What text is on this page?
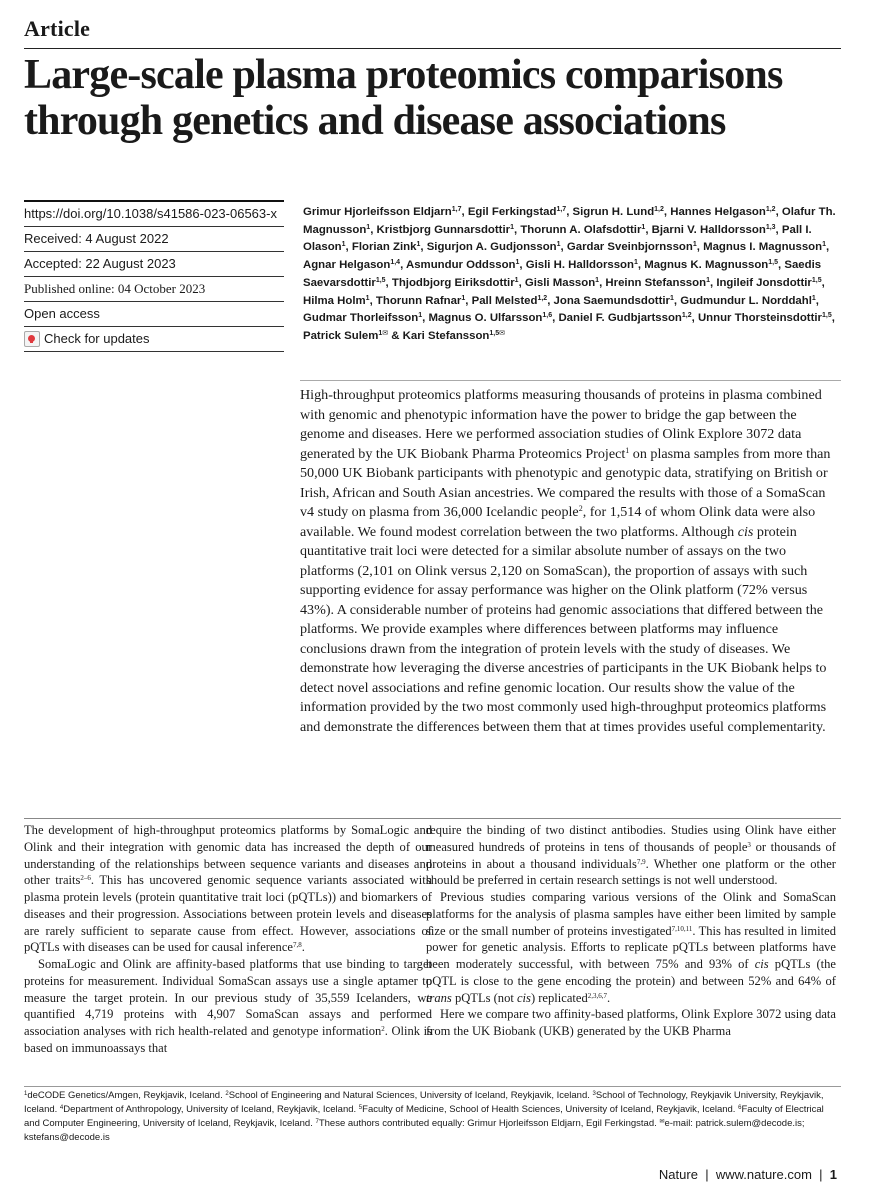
Article
Large-scale plasma proteomics comparisons through genetics and disease associations
https://doi.org/10.1038/s41586-023-06563-x
Received: 4 August 2022
Accepted: 22 August 2023
Published online: 04 October 2023
Open access
Check for updates

Grimur Hjorleifsson Eldjarn$^{1,7}$, Egil Ferkingstad$^{1,7}$, Sigrun H. Lund$^{1,2}$, Hannes Helgason$^{1,2}$, Olafur Th. Magnusson$^1$, Kristbjorg Gunnarsdottir$^1$, Thorunn A. Olafsdottir$^1$, Bjarni V. Halldorsson$^{1,3}$, Pall I. Olason$^1$, Florian Zink$^1$, Sigurjon A. Gudjonsson$^1$, Gardar Sveinbjornsson$^1$, Magnus I. Magnusson$^1$, Agnar Helgason$^{1,4}$, Asmundur Oddsson$^1$, Gisli H. Halldorsson$^1$, Magnus K. Magnusson$^{1,5}$, Saedis Saevarsdottir$^{1,5}$, Thjodbjorg Eiriksdottir$^1$, Gisli Masson$^1$, Hreinn Stefansson$^1$, Ingileif Jonsdottir$^{1,5}$, Hilma Holm$^1$, Thorunn Rafnar$^1$, Pall Melsted$^{1,2}$, Jona Saemundsdottir$^1$, Gudmundur L. Norddahl$^1$, Gudmar Thorleifsson$^1$, Magnus O. Ulfarsson$^{1,6}$, Daniel F. Gudbjartsson$^{1,2}$, Unnur Thorsteinsdottir$^{1,5}$, Patrick Sulem$^{1✉}$ & Kari Stefansson$^{1,5✉}$

High-throughput proteomics platforms measuring thousands of proteins in plasma combined with genomic and phenotypic information have the power to bridge the gap between the genome and diseases. Here we performed association studies of Olink Explore 3072 data generated by the UK Biobank Pharma Proteomics Project$^1$ on plasma samples from more than 50,000 UK Biobank participants with phenotypic and genotypic data, stratifying on British or Irish, African and South Asian ancestries. We compared the results with those of a SomaScan v4 study on plasma from 36,000 Icelandic people$^2$, for 1,514 of whom Olink data were also available. We found modest correlation between the two platforms. Although cis protein quantitative trait loci were detected for a similar absolute number of assays on the two platforms (2,101 on Olink versus 2,120 on SomaScan), the proportion of assays with such supporting evidence for assay performance was higher on the Olink platform (72% versus 43%). A considerable number of proteins had genomic associations that differed between the platforms. We provide examples where differences between platforms may influence conclusions drawn from the integration of protein levels with the study of diseases. We demonstrate how leveraging the diverse ancestries of participants in the UK Biobank helps to detect novel associations and refine genomic location. Our results show the value of the information provided by the two most commonly used high-throughput proteomics platforms and demonstrate the differences between them that at times provides useful complementarity.

The development of high-throughput proteomics platforms by SomaLogic and Olink and their integration with genomic data has increased the depth of our understanding of the relationships between sequence variants and diseases and other traits$^{2-6}$. This has uncovered genomic sequence variants associated with plasma protein levels (protein quantitative trait loci (pQTLs)) and biomarkers of diseases and their progression. Associations between protein levels and diseases are rarely sufficient to separate cause from effect. However, associations of pQTLs with diseases can be used for causal inference$^{7,8}$.

SomaLogic and Olink are affinity-based platforms that use binding to target proteins for measurement. Individual SomaScan assays use a single aptamer to measure the target protein. In our previous study of 35,559 Icelanders, we quantified 4,719 proteins with 4,907 SomaScan assays and performed association analyses with rich health-related and genotype information$^2$. Olink is based on immunoassays that

require the binding of two distinct antibodies. Studies using Olink have either measured hundreds of proteins in tens of thousands of people$^3$ or thousands of proteins in about a thousand individuals$^{7,9}$. Whether one platform or the other should be preferred in certain research settings is not well understood.

Previous studies comparing various versions of the Olink and SomaScan platforms for the analysis of plasma samples have either been limited by sample size or the small number of proteins investigated$^{7,10,11}$. This has resulted in limited power for genetic analysis. Efforts to replicate pQTLs between platforms have been moderately successful, with between 75% and 93% of cis pQTLs (the pQTL is close to the gene encoding the protein) and between 52% and 64% of trans pQTLs (not cis) replicated$^{2,3,6,7}$.

Here we compare two affinity-based platforms, Olink Explore 3072 using data from the UK Biobank (UKB) generated by the UKB Pharma

$^1$deCODE Genetics/Amgen, Reykjavik, Iceland. $^2$School of Engineering and Natural Sciences, University of Iceland, Reykjavik, Iceland. $^3$School of Technology, Reykjavik University, Reykjavik, Iceland. $^4$Department of Anthropology, University of Iceland, Reykjavik, Iceland. $^5$Faculty of Medicine, School of Health Sciences, University of Iceland, Reykjavik, Iceland. $^6$Faculty of Electrical and Computer Engineering, University of Iceland, Reykjavik, Iceland. $^7$These authors contributed equally: Grimur Hjorleifsson Eldjarn, Egil Ferkingstad. ✉e-mail: patrick.sulem@decode.is; kstefans@decode.is

Nature | www.nature.com | 1
